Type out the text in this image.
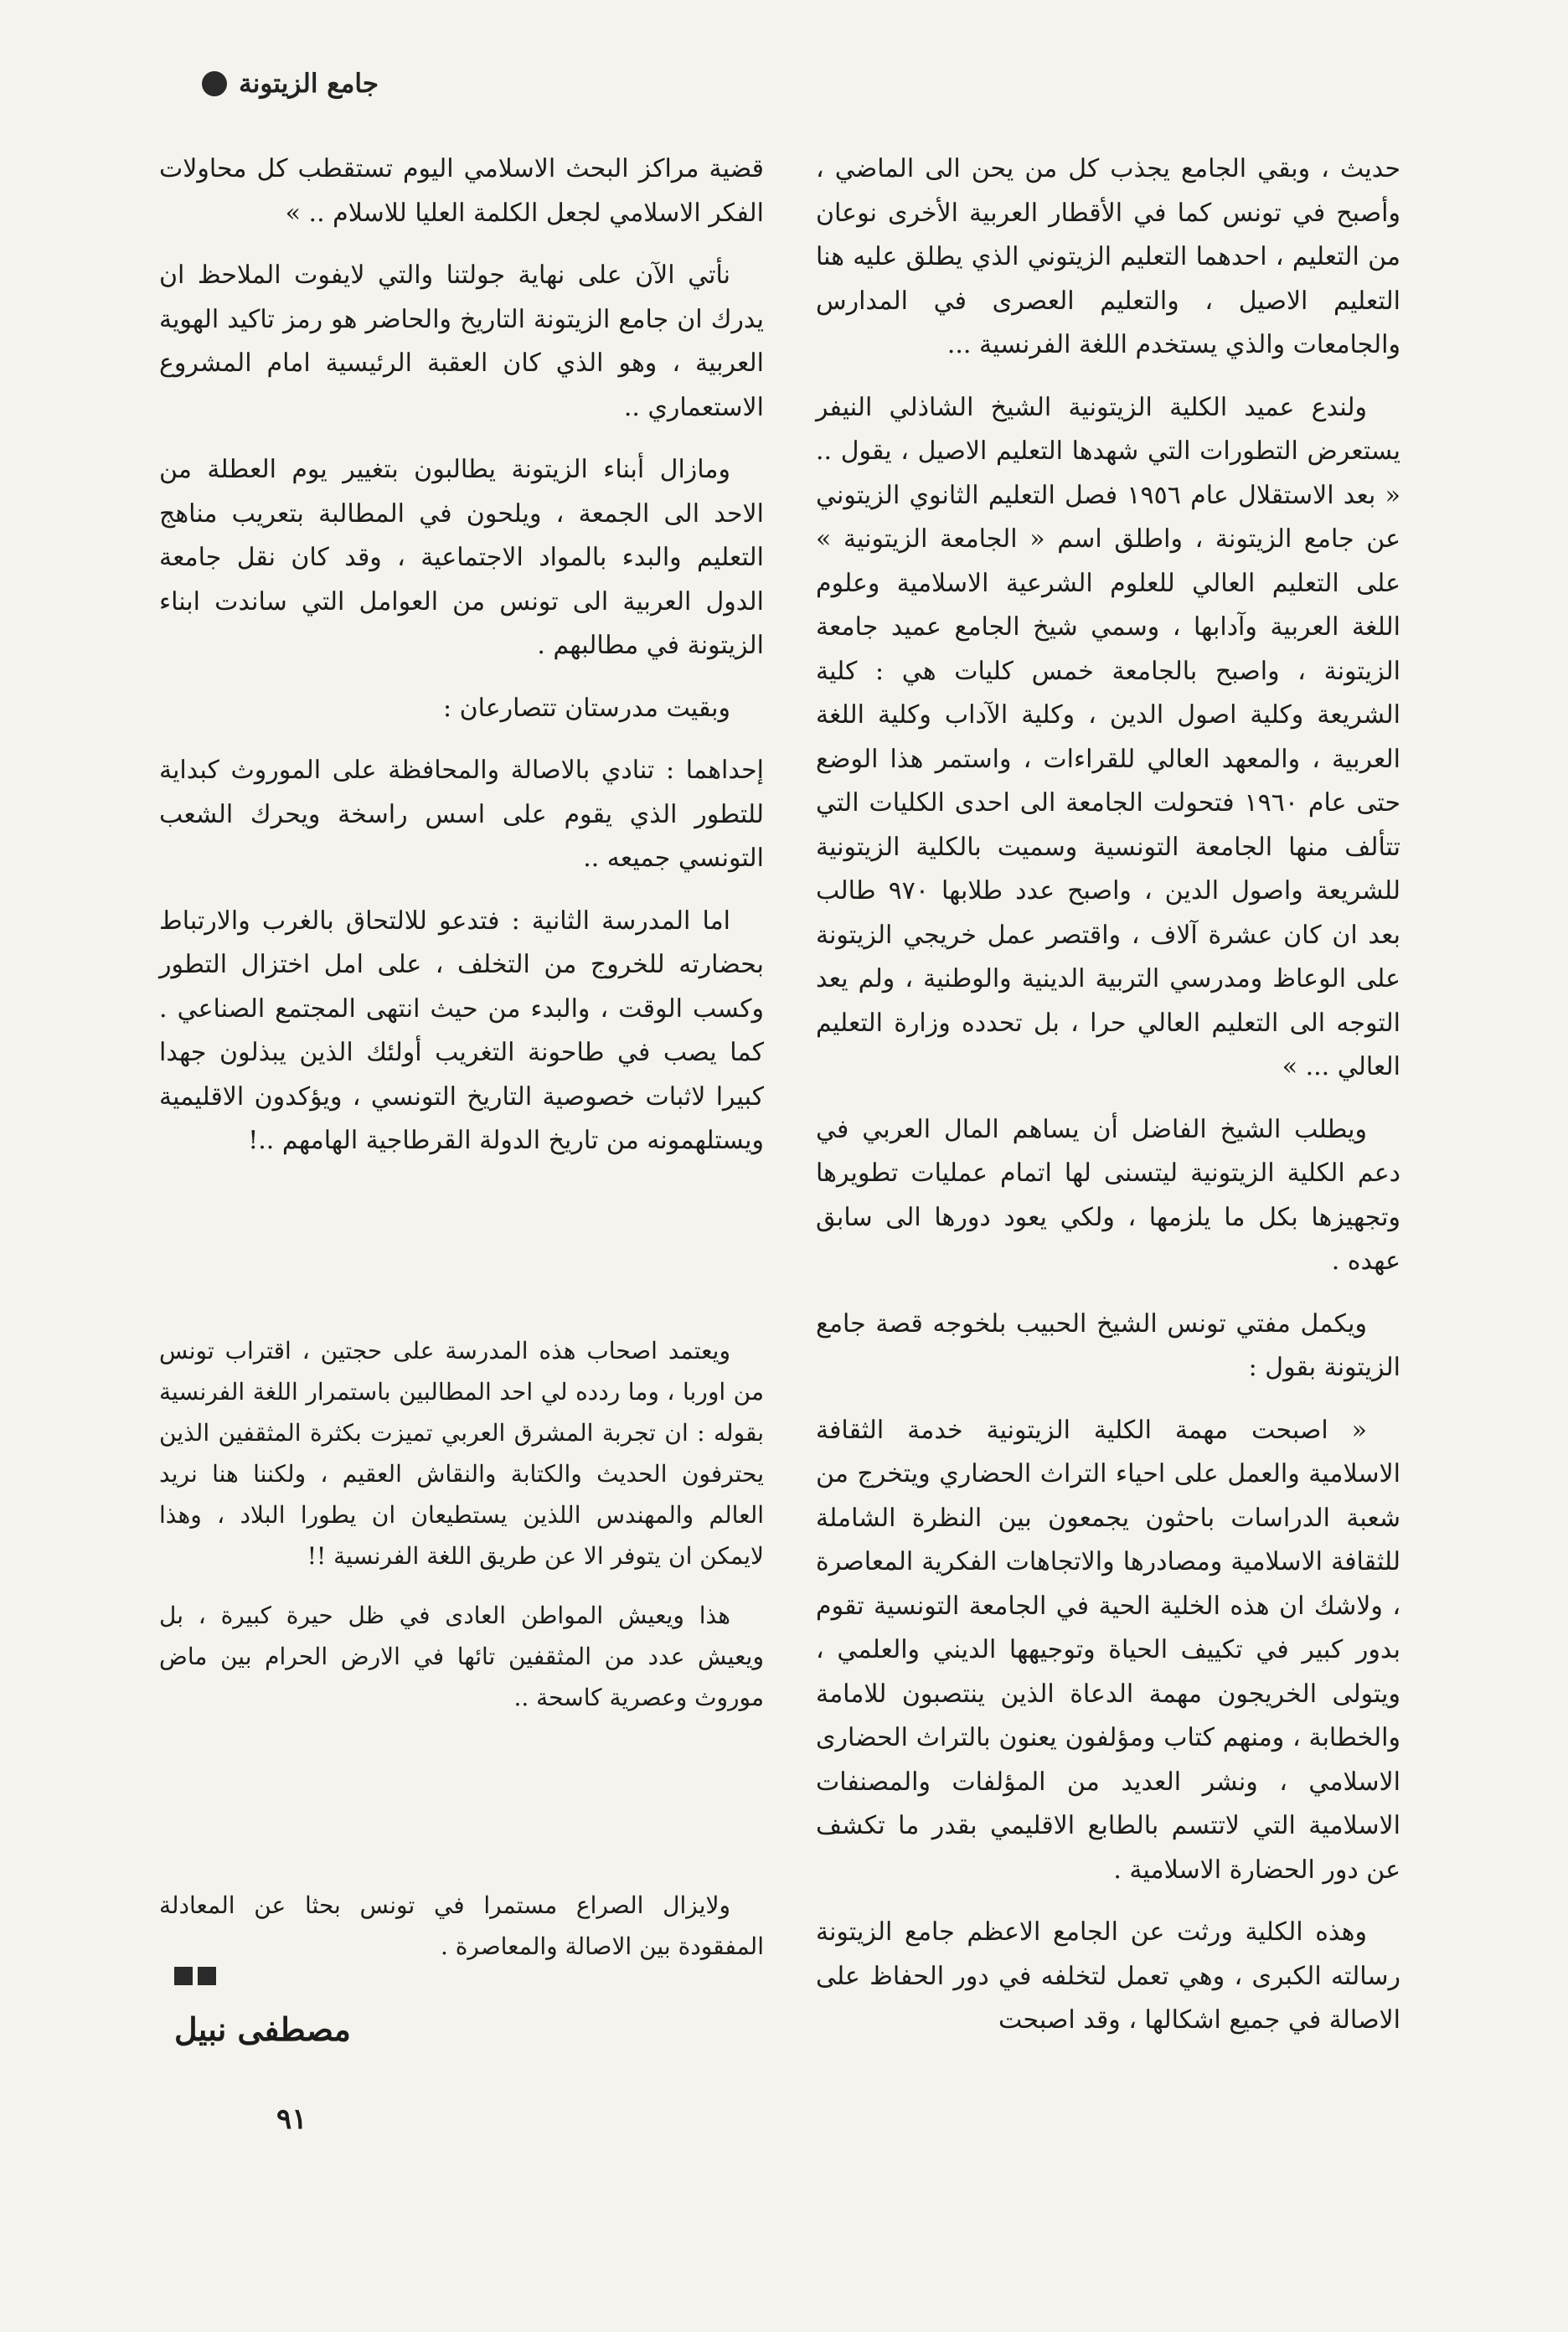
جامع الزيتونة

حديث ، وبقي الجامع يجذب كل من يحن الى الماضي ، وأصبح في تونس كما في الأقطار العربية الأخرى نوعان من التعليم ، احدهما التعليم الزيتوني الذي يطلق عليه هنا التعليم الاصيل ، والتعليم العصرى في المدارس والجامعات والذي يستخدم اللغة الفرنسية ...

ولندع عميد الكلية الزيتونية الشيخ الشاذلي النيفر يستعرض التطورات التي شهدها التعليم الاصيل ، يقول .. « بعد الاستقلال عام ١٩٥٦ فصل التعليم الثانوي الزيتوني عن جامع الزيتونة ، واطلق اسم « الجامعة الزيتونية » على التعليم العالي للعلوم الشرعية الاسلامية وعلوم اللغة العربية وآدابها ، وسمي شيخ الجامع عميد جامعة الزيتونة ، واصبح بالجامعة خمس كليات هي : كلية الشريعة وكلية اصول الدين ، وكلية الآداب وكلية اللغة العربية ، والمعهد العالي للقراءات ، واستمر هذا الوضع حتى عام ١٩٦٠ فتحولت الجامعة الى احدى الكليات التي تتألف منها الجامعة التونسية وسميت بالكلية الزيتونية للشريعة واصول الدين ، واصبح عدد طلابها ٩٧٠ طالب بعد ان كان عشرة آلاف ، واقتصر عمل خريجي الزيتونة على الوعاظ ومدرسي التربية الدينية والوطنية ، ولم يعد التوجه الى التعليم العالي حرا ، بل تحدده وزارة التعليم العالي ... »

ويطلب الشيخ الفاضل أن يساهم المال العربي في دعم الكلية الزيتونية ليتسنى لها اتمام عمليات تطويرها وتجهيزها بكل ما يلزمها ، ولكي يعود دورها الى سابق عهده .

ويكمل مفتي تونس الشيخ الحبيب بلخوجه قصة جامع الزيتونة بقول :

« اصبحت مهمة الكلية الزيتونية خدمة الثقافة الاسلامية والعمل على احياء التراث الحضاري ويتخرج من شعبة الدراسات باحثون يجمعون بين النظرة الشاملة للثقافة الاسلامية ومصادرها والاتجاهات الفكرية المعاصرة ، ولاشك ان هذه الخلية الحية في الجامعة التونسية تقوم بدور كبير في تكييف الحياة وتوجيهها الديني والعلمي ، ويتولى الخريجون مهمة الدعاة الذين ينتصبون للامامة والخطابة ، ومنهم كتاب ومؤلفون يعنون بالتراث الحضارى الاسلامي ، ونشر العديد من المؤلفات والمصنفات الاسلامية التي لاتتسم بالطابع الاقليمي بقدر ما تكشف عن دور الحضارة الاسلامية .

وهذه الكلية ورثت عن الجامع الاعظم جامع الزيتونة رسالته الكبرى ، وهي تعمل لتخلفه في دور الحفاظ على الاصالة في جميع اشكالها ، وقد اصبحت

قضية مراكز البحث الاسلامي اليوم تستقطب كل محاولات الفكر الاسلامي لجعل الكلمة العليا للاسلام .. »

نأتي الآن على نهاية جولتنا والتي لايفوت الملاحظ ان يدرك ان جامع الزيتونة التاريخ والحاضر هو رمز تاكيد الهوية العربية ، وهو الذي كان العقبة الرئيسية امام المشروع الاستعماري ..

ومازال أبناء الزيتونة يطالبون بتغيير يوم العطلة من الاحد الى الجمعة ، ويلحون في المطالبة بتعريب مناهج التعليم والبدء بالمواد الاجتماعية ، وقد كان نقل جامعة الدول العربية الى تونس من العوامل التي ساندت ابناء الزيتونة في مطالبهم .

وبقيت مدرستان تتصارعان :

إحداهما : تنادي بالاصالة والمحافظة على الموروث كبداية للتطور الذي يقوم على اسس راسخة ويحرك الشعب التونسي جميعه ..

اما المدرسة الثانية : فتدعو للالتحاق بالغرب والارتباط بحضارته للخروج من التخلف ، على امل اختزال التطور وكسب الوقت ، والبدء من حيث انتهى المجتمع الصناعي . كما يصب في طاحونة التغريب أولئك الذين يبذلون جهدا كبيرا لاثبات خصوصية التاريخ التونسي ، ويؤكدون الاقليمية ويستلهمونه من تاريخ الدولة القرطاجية الهامهم ..!

ويعتمد اصحاب هذه المدرسة على حجتين ، اقتراب تونس من اوربا ، وما ردده لي احد المطالبين باستمرار اللغة الفرنسية بقوله : ان تجربة المشرق العربي تميزت بكثرة المثقفين الذين يحترفون الحديث والكتابة والنقاش العقيم ، ولكننا هنا نريد العالم والمهندس اللذين يستطيعان ان يطورا البلاد ، وهذا لايمكن ان يتوفر الا عن طريق اللغة الفرنسية !!

هذا ويعيش المواطن العادى في ظل حيرة كبيرة ، بل ويعيش عدد من المثقفين تائها في الارض الحرام بين ماض موروث وعصرية كاسحة ..

ولايزال الصراع مستمرا في تونس بحثا عن المعادلة المفقودة بين الاصالة والمعاصرة .

مصطفى نبيل
٩١
